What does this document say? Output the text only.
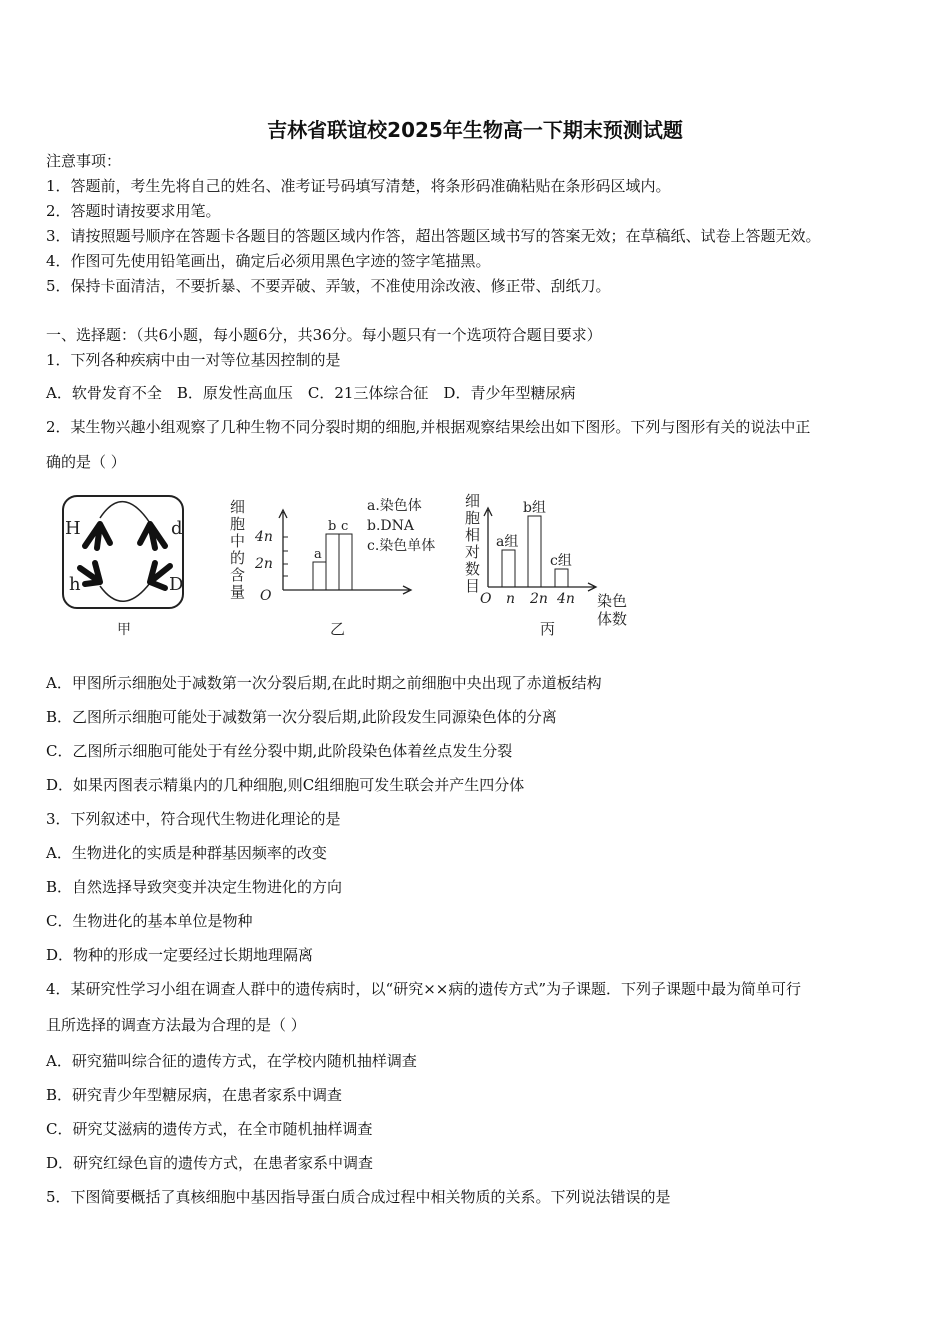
吉林省联谊校2025年生物高一下期末预测试题
注意事项：
1．答题前，考生先将自己的姓名、准考证号码填写清楚，将条形码准确粘贴在条形码区域内。
2．答题时请按要求用笔。
3．请按照题号顺序在答题卡各题目的答题区域内作答，超出答题区域书写的答案无效；在草稿纸、试卷上答题无效。
4．作图可先使用铅笔画出，确定后必须用黑色字迹的签字笔描黑。
5．保持卡面清洁，不要折暴、不要弄破、弄皱，不准使用涂改液、修正带、刮纸刀。
一、选择题：（共6小题，每小题6分，共36分。每小题只有一个选项符合题目要求）
1．下列各种疾病中由一对等位基因控制的是
A．软骨发育不全　B．原发性高血压　C．21三体综合征　D．青少年型糖尿病
2．某生物兴趣小组观察了几种生物不同分裂时期的细胞,并根据观察结果绘出如下图形。下列与图形有关的说法中正
确的是（ ）
H	d
h	D
甲
细
胞
中
的
含
量
4n
2n
O
a
b c
a.染色体
b.DNA
c.染色单体
乙
细
胞
相
对
数
目
a组
b组
c组
O n 2n 4n 染色
体数
丙
A．甲图所示细胞处于减数第一次分裂后期,在此时期之前细胞中央出现了赤道板结构
B．乙图所示细胞可能处于减数第一次分裂后期,此阶段发生同源染色体的分离
C．乙图所示细胞可能处于有丝分裂中期,此阶段染色体着丝点发生分裂
D．如果丙图表示精巢内的几种细胞,则C组细胞可发生联会并产生四分体
3．下列叙述中，符合现代生物进化理论的是
A．生物进化的实质是种群基因频率的改变
B．自然选择导致突变并决定生物进化的方向
C．生物进化的基本单位是物种
D．物种的形成一定要经过长期地理隔离
4．某研究性学习小组在调查人群中的遗传病时，以“研究××病的遗传方式”为子课题．下列子课题中最为简单可行
且所选择的调查方法最为合理的是（ ）
A．研究猫叫综合征的遗传方式，在学校内随机抽样调查
B．研究青少年型糖尿病，在患者家系中调查
C．研究艾滋病的遗传方式，在全市随机抽样调查
D．研究红绿色盲的遗传方式，在患者家系中调查
5．下图简要概括了真核细胞中基因指导蛋白质合成过程中相关物质的关系。下列说法错误的是
